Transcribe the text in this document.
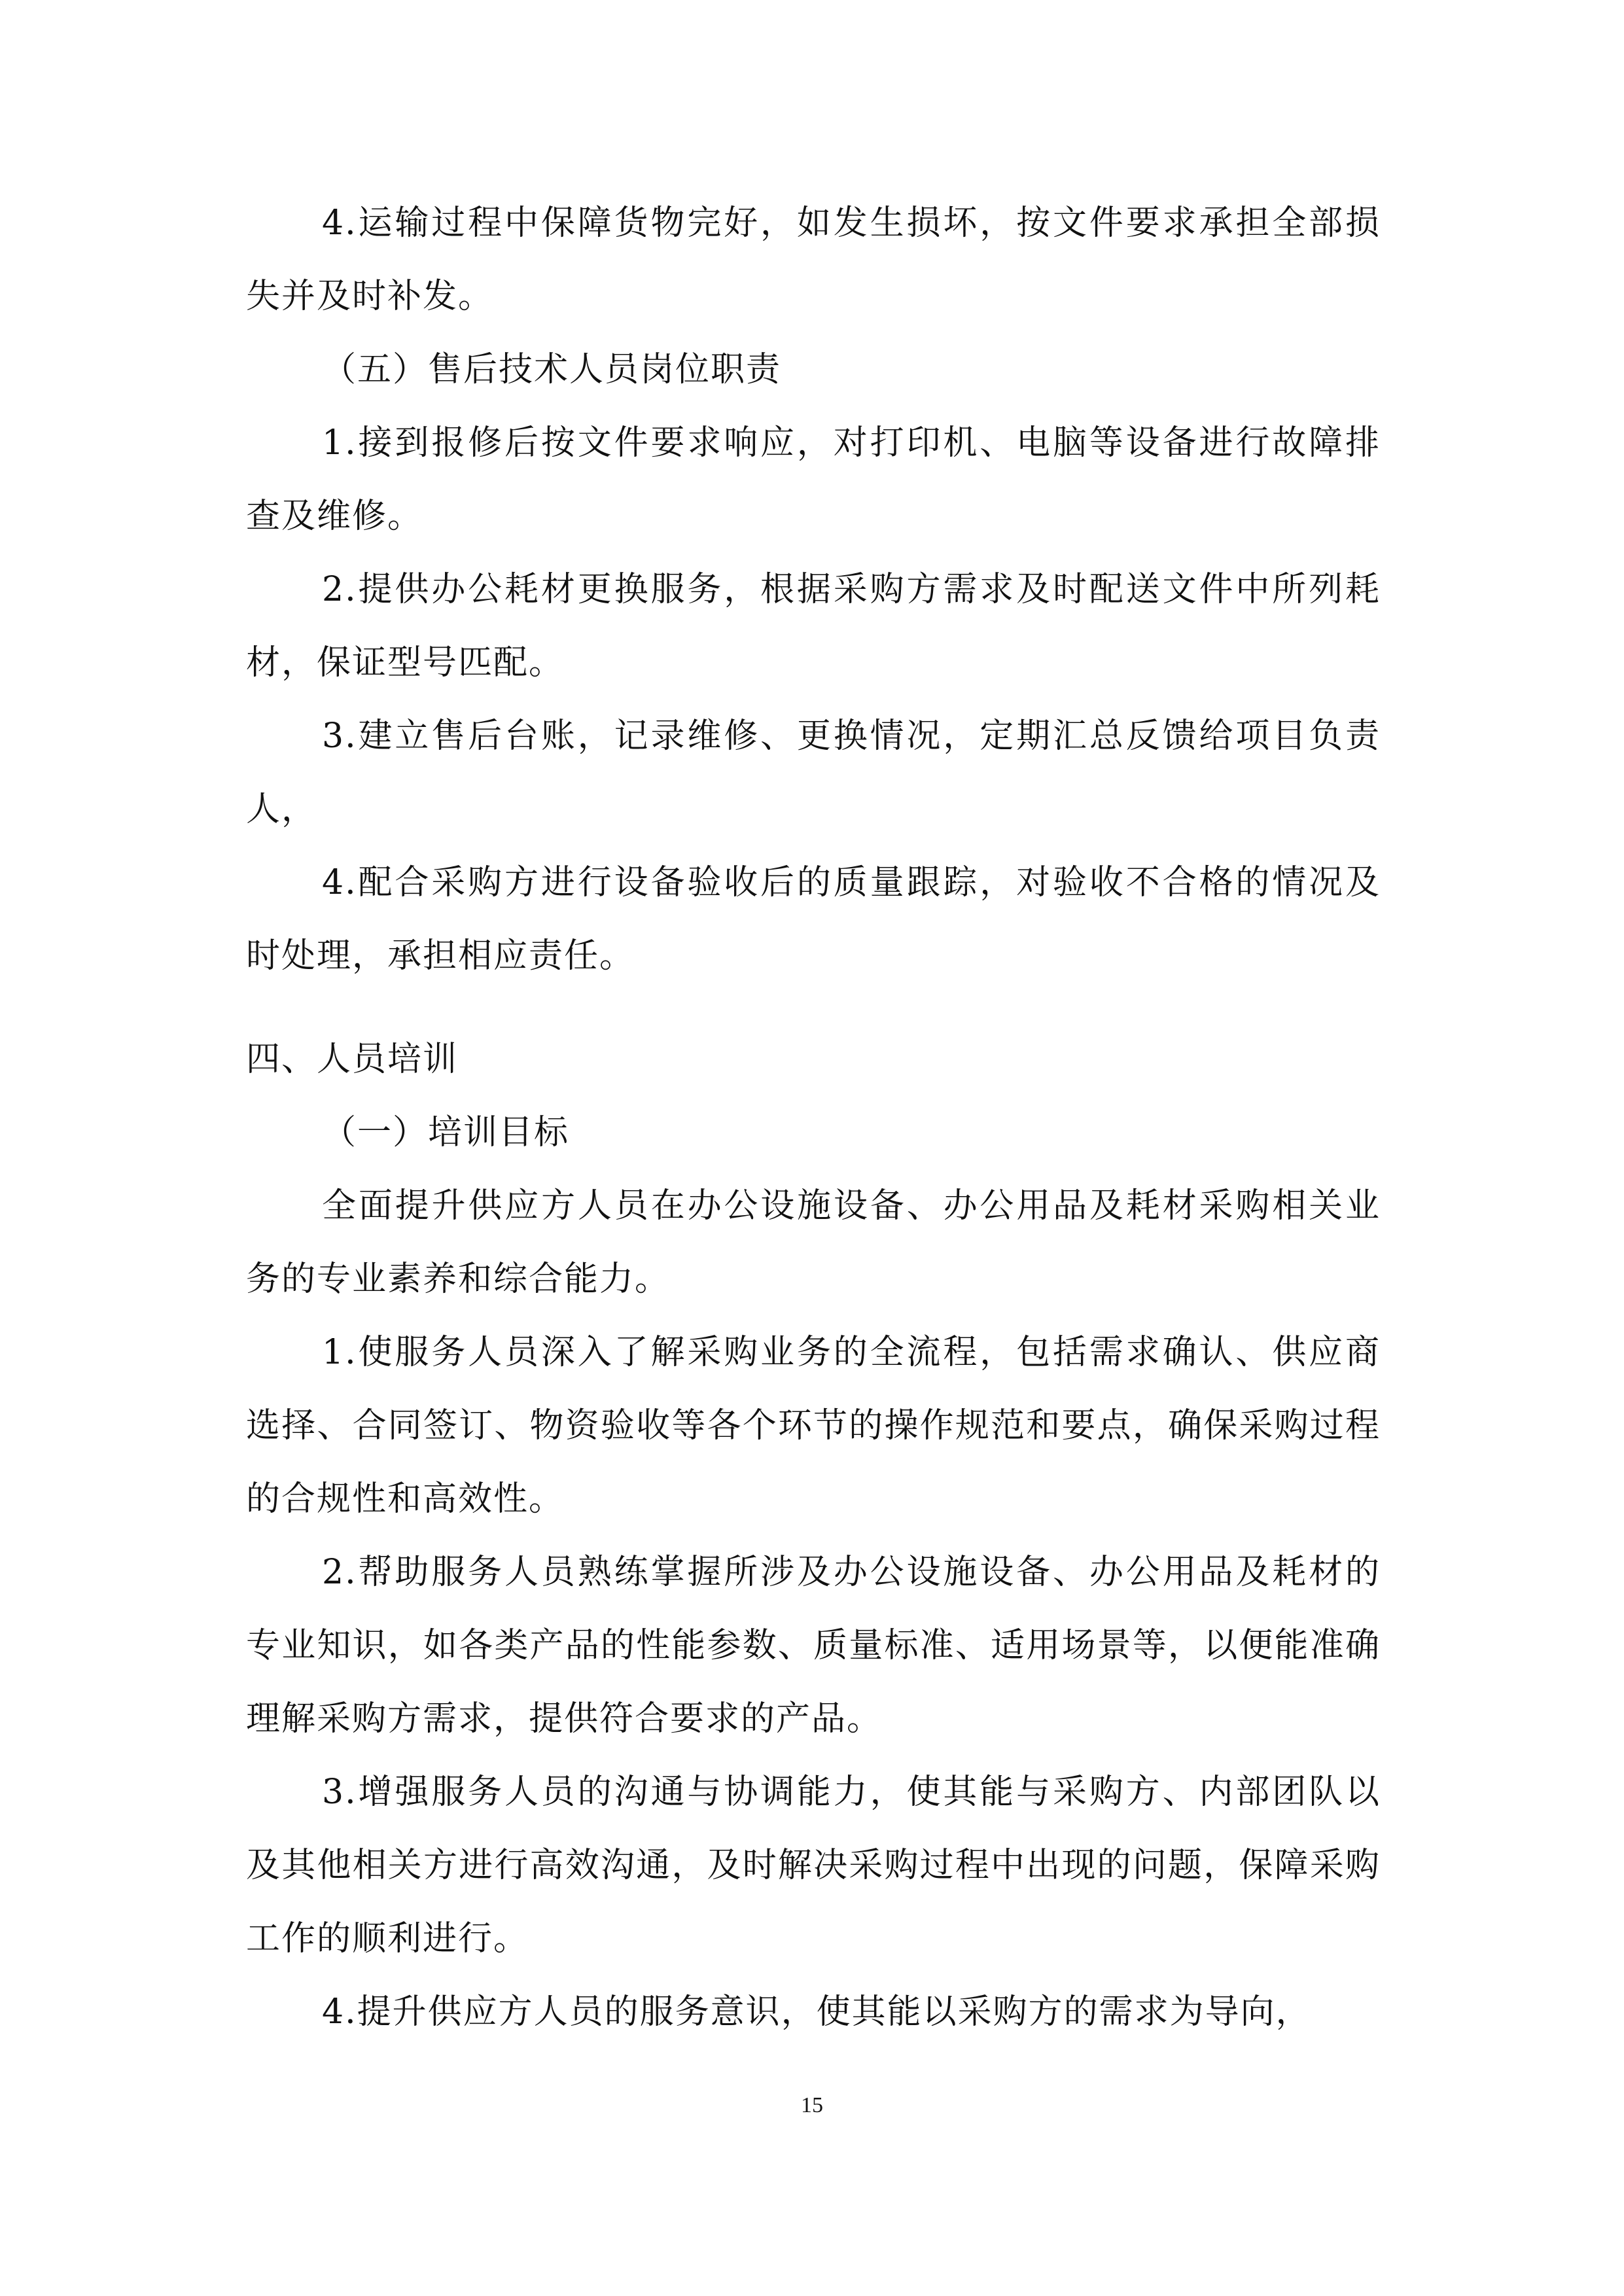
4.运输过程中保障货物完好，如发生损坏，按文件要求承担全部损失并及时补发。

（五）售后技术人员岗位职责

1.接到报修后按文件要求响应，对打印机、电脑等设备进行故障排查及维修。

2.提供办公耗材更换服务，根据采购方需求及时配送文件中所列耗材，保证型号匹配。

3.建立售后台账，记录维修、更换情况，定期汇总反馈给项目负责人，

4.配合采购方进行设备验收后的质量跟踪，对验收不合格的情况及时处理，承担相应责任。

四、人员培训

（一）培训目标

全面提升供应方人员在办公设施设备、办公用品及耗材采购相关业务的专业素养和综合能力。

1.使服务人员深入了解采购业务的全流程，包括需求确认、供应商选择、合同签订、物资验收等各个环节的操作规范和要点，确保采购过程的合规性和高效性。

2.帮助服务人员熟练掌握所涉及办公设施设备、办公用品及耗材的专业知识，如各类产品的性能参数、质量标准、适用场景等，以便能准确理解采购方需求，提供符合要求的产品。

3.增强服务人员的沟通与协调能力，使其能与采购方、内部团队以及其他相关方进行高效沟通，及时解决采购过程中出现的问题，保障采购工作的顺利进行。

4.提升供应方人员的服务意识，使其能以采购方的需求为导向，

15
